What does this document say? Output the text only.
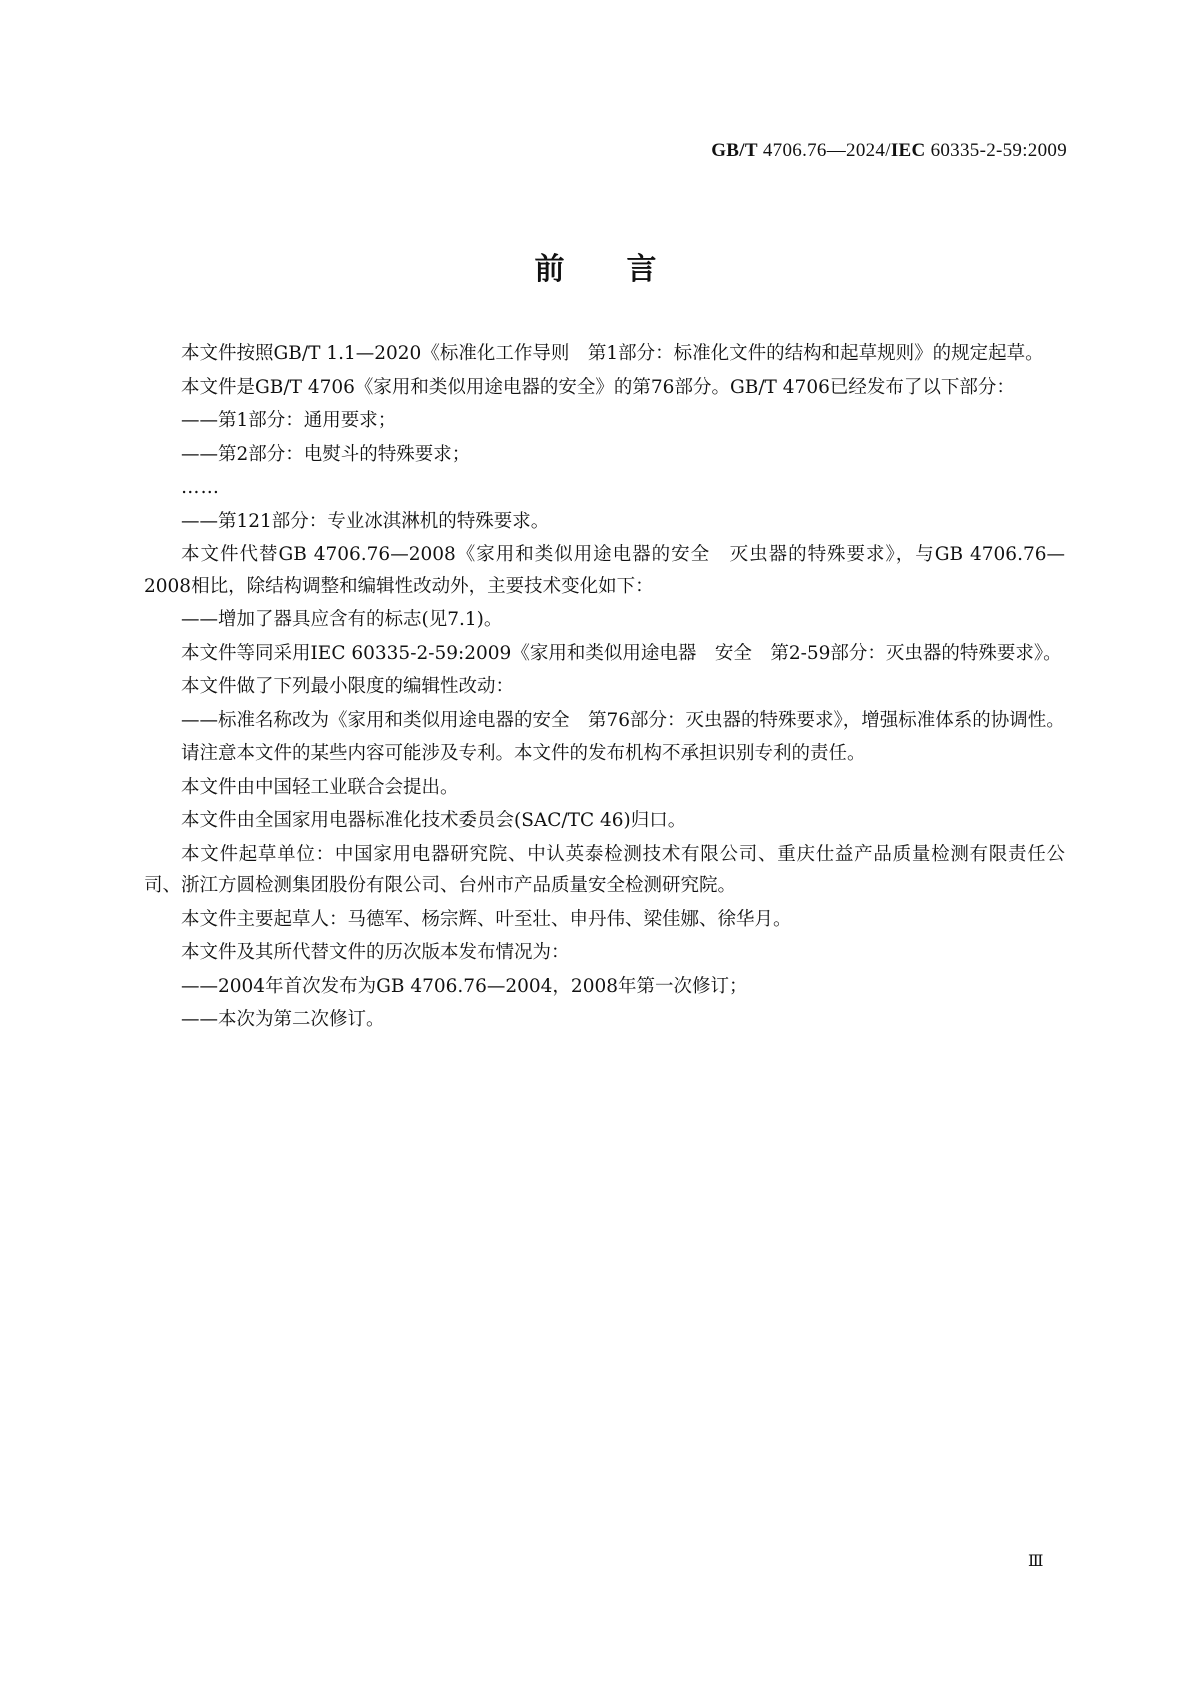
GB/T 4706.76—2024/IEC 60335-2-59:2009
前言

本文件按照GB/T 1.1—2020《标准化工作导则　第1部分：标准化文件的结构和起草规则》的规定起草。

本文件是GB/T 4706《家用和类似用途电器的安全》的第76部分。GB/T 4706已经发布了以下部分：

——第1部分：通用要求；

——第2部分：电熨斗的特殊要求；

……

——第121部分：专业冰淇淋机的特殊要求。

本文件代替GB 4706.76—2008《家用和类似用途电器的安全　灭虫器的特殊要求》，与GB 4706.76—2008相比，除结构调整和编辑性改动外，主要技术变化如下：

——增加了器具应含有的标志(见7.1)。

本文件等同采用IEC 60335-2-59:2009《家用和类似用途电器　安全　第2-59部分：灭虫器的特殊要求》。

本文件做了下列最小限度的编辑性改动：

——标准名称改为《家用和类似用途电器的安全　第76部分：灭虫器的特殊要求》，增强标准体系的协调性。

请注意本文件的某些内容可能涉及专利。本文件的发布机构不承担识别专利的责任。

本文件由中国轻工业联合会提出。

本文件由全国家用电器标准化技术委员会(SAC/TC 46)归口。

本文件起草单位：中国家用电器研究院、中认英泰检测技术有限公司、重庆仕益产品质量检测有限责任公司、浙江方圆检测集团股份有限公司、台州市产品质量安全检测研究院。

本文件主要起草人：马德军、杨宗辉、叶至壮、申丹伟、梁佳娜、徐华月。

本文件及其所代替文件的历次版本发布情况为：

——2004年首次发布为GB 4706.76—2004，2008年第一次修订；

——本次为第二次修订。

Ⅲ
